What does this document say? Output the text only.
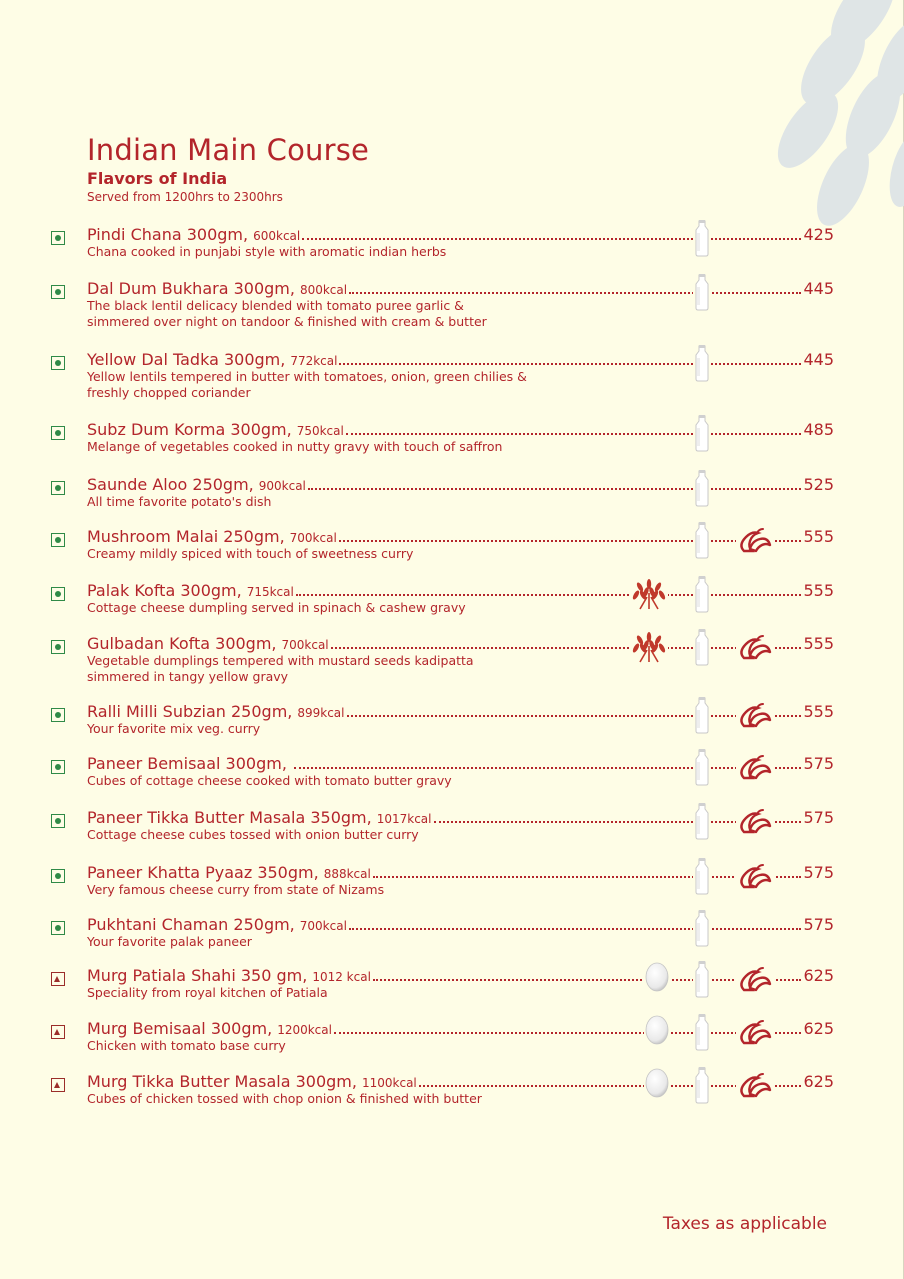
Indian Main Course
Flavors of India

Served from 1200hrs to 2300hrs

Pindi Chana 300gm, 600kcal	425

Chana cooked in punjabi style with aromatic indian herbs

Dal Dum Bukhara 300gm, 800kcal	445

The black lentil delicacy blended with tomato puree garlic &
simmered over night on tandoor & finished with cream & butter

Yellow Dal Tadka 300gm, 772kcal	445

Yellow lentils tempered in butter with tomatoes, onion, green chilies &
freshly chopped coriander

Subz Dum Korma 300gm, 750kcal	485

Melange of vegetables cooked in nutty gravy with touch of saffron

Saunde Aloo 250gm, 900kcal	525

All time favorite potato's dish

Mushroom Malai 250gm, 700kcal	555

Creamy mildly spiced with touch of sweetness curry

Palak Kofta 300gm, 715kcal	555

Cottage cheese dumpling served in spinach & cashew gravy

Gulbadan Kofta 300gm, 700kcal	555

Vegetable dumplings tempered with mustard seeds kadipatta
simmered in tangy yellow gravy

Ralli Milli Subzian 250gm, 899kcal	555

Your favorite mix veg. curry

Paneer Bemisaal 300gm,	575

Cubes of cottage cheese cooked with tomato butter gravy

Paneer Tikka Butter Masala 350gm, 1017kcal	575

Cottage cheese cubes tossed with onion butter curry

Paneer Khatta Pyaaz 350gm, 888kcal	575

Very famous cheese curry from state of Nizams

Pukhtani Chaman 250gm, 700kcal	575

Your favorite palak paneer

Murg Patiala Shahi 350 gm, 1012 kcal	625

Speciality from royal kitchen of Patiala

Murg Bemisaal 300gm, 1200kcal	625

Chicken with tomato base curry

Murg Tikka Butter Masala 300gm, 1100kcal	625

Cubes of chicken tossed with chop onion & finished with butter

Taxes as applicable
